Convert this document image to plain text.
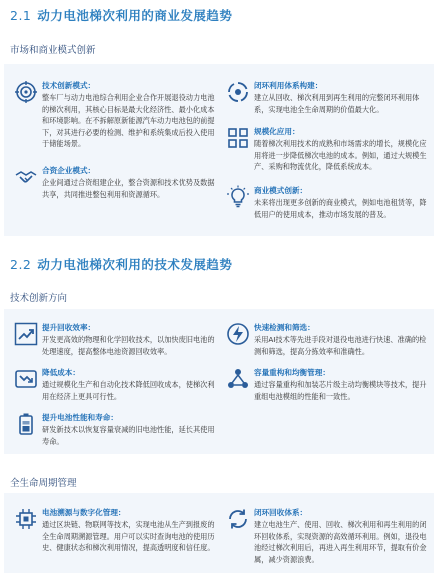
2.1 动力电池梯次利用的商业发展趋势
市场和商业模式创新
技术创新模式：
整车厂与动力电池综合利用企业合作开展退役动力电池的梯次利用，其核心目标是最大化经济性、最小化成本和环境影响。在不拆解原新能源汽车动力电池包的前提下，对其进行必要的检测、维护和系统集成后投入使用于储能场景。
合资企业模式：
企业间通过合资组建企业，整合资源和技术优势及数据共享，共同推进整包利用和资源循环。
闭环利用体系构建：
建立从回收、梯次利用到再生利用的完整闭环利用体系，实现电池全生命周期的价值最大化。
规模化应用：
随着梯次利用技术的成熟和市场需求的增长，规模化应用将进一步降低梯次电池的成本。例如，通过大规模生产、采购和物流优化，降低系统成本。
商业模式创新：
未来将出现更多创新的商业模式，例如电池租赁等，降低用户的使用成本，推动市场发展的普及。
2.2 动力电池梯次利用的技术发展趋势
技术创新方向
提升回收效率：
开发更高效的物理和化学回收技术，以加快废旧电池的处理速度，提高整体电池资源回收效率。
降低成本：
通过规模化生产和自动化技术降低回收成本，使梯次利用在经济上更具可行性。
提升电池性能和寿命：
研发新技术以恢复容量衰减的旧电池性能，延长其使用寿命。
快速检测和筛选：
采用AI技术等先进手段对退役电池进行快速、准确的检测和筛选，提高分拣效率和准确性。
容量重构和均衡管理：
通过容量重构和加装芯片级主动均衡模块等技术，提升重组电池模组的性能和一致性。
全生命周期管理
电池溯源与数字化管理：
通过区块链、物联网等技术，实现电池从生产到报废的全生命周期溯源管理。用户可以实时查询电池的使用历史、健康状态和梯次利用情况，提高透明度和信任度。
闭环回收体系：
建立电池生产、使用、回收、梯次利用和再生利用的闭环回收体系，实现资源的高效循环利用。例如，退役电池经过梯次利用后，再进入再生利用环节，提取有价金属，减少资源浪费。
